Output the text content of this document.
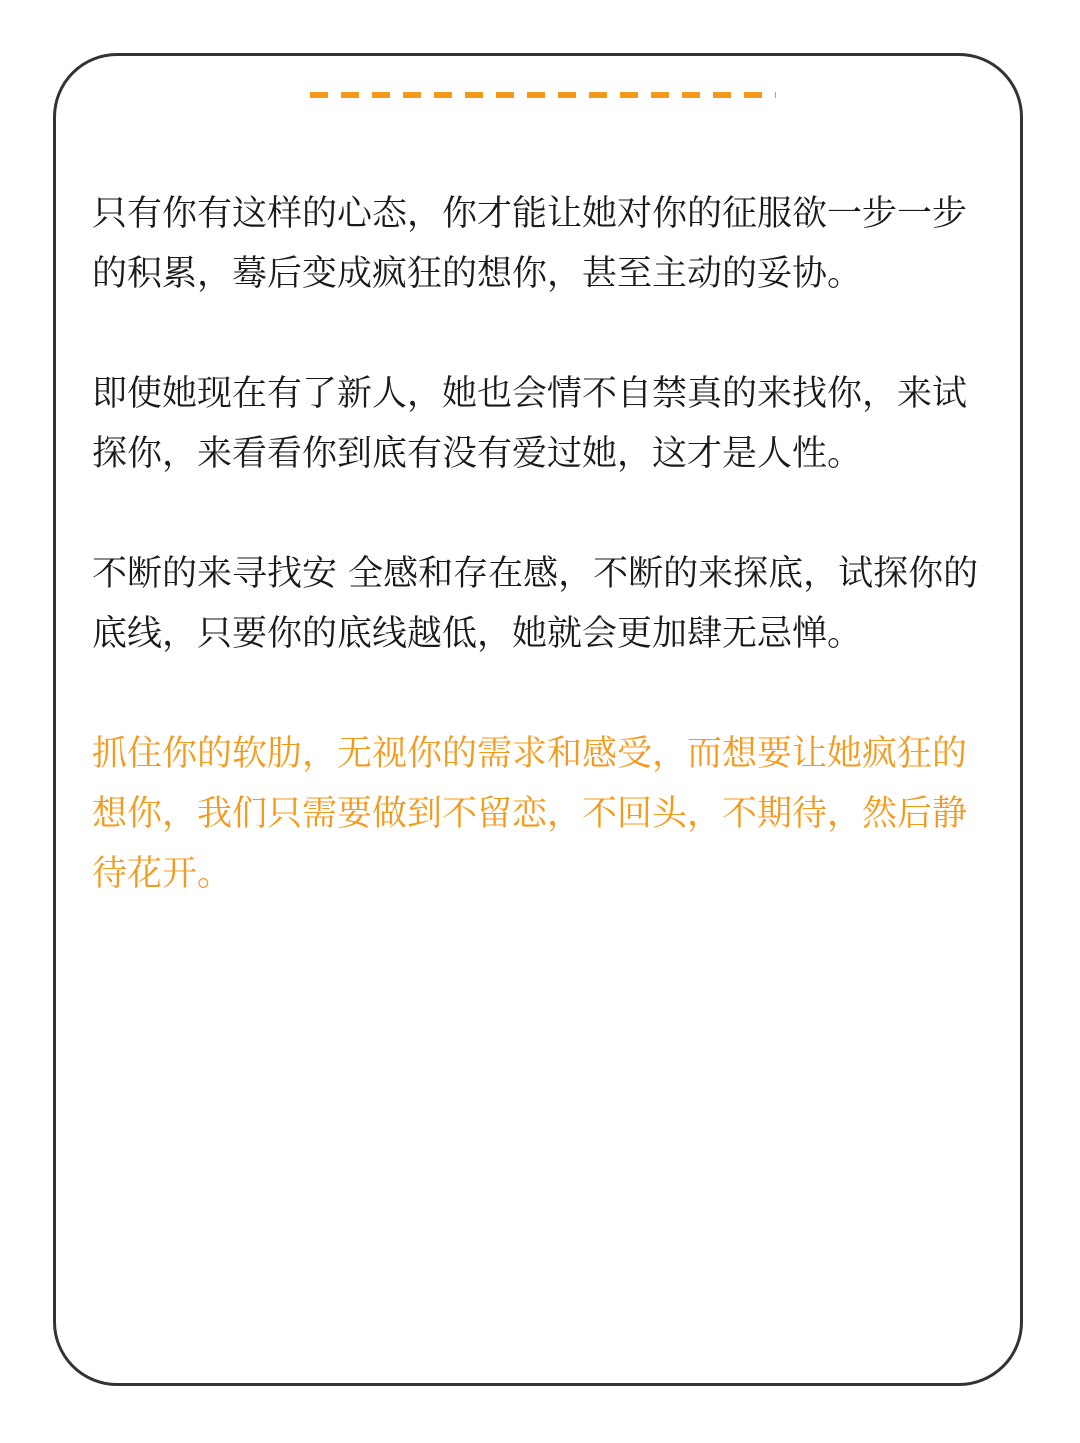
只有你有这样的心态，你才能让她对你的征服欲一步一步的积累，蓦后变成疯狂的想你，甚至主动的妥协。

即使她现在有了新人，她也会情不自禁真的来找你，来试探你，来看看你到底有没有爱过她，这才是人性。

不断的来寻找安 全感和存在感，不断的来探底，试探你的底线，只要你的底线越低，她就会更加肆无忌惮。

抓住你的软肋，无视你的需求和感受，而想要让她疯狂的想你，我们只需要做到不留恋，不回头，不期待，然后静待花开。
